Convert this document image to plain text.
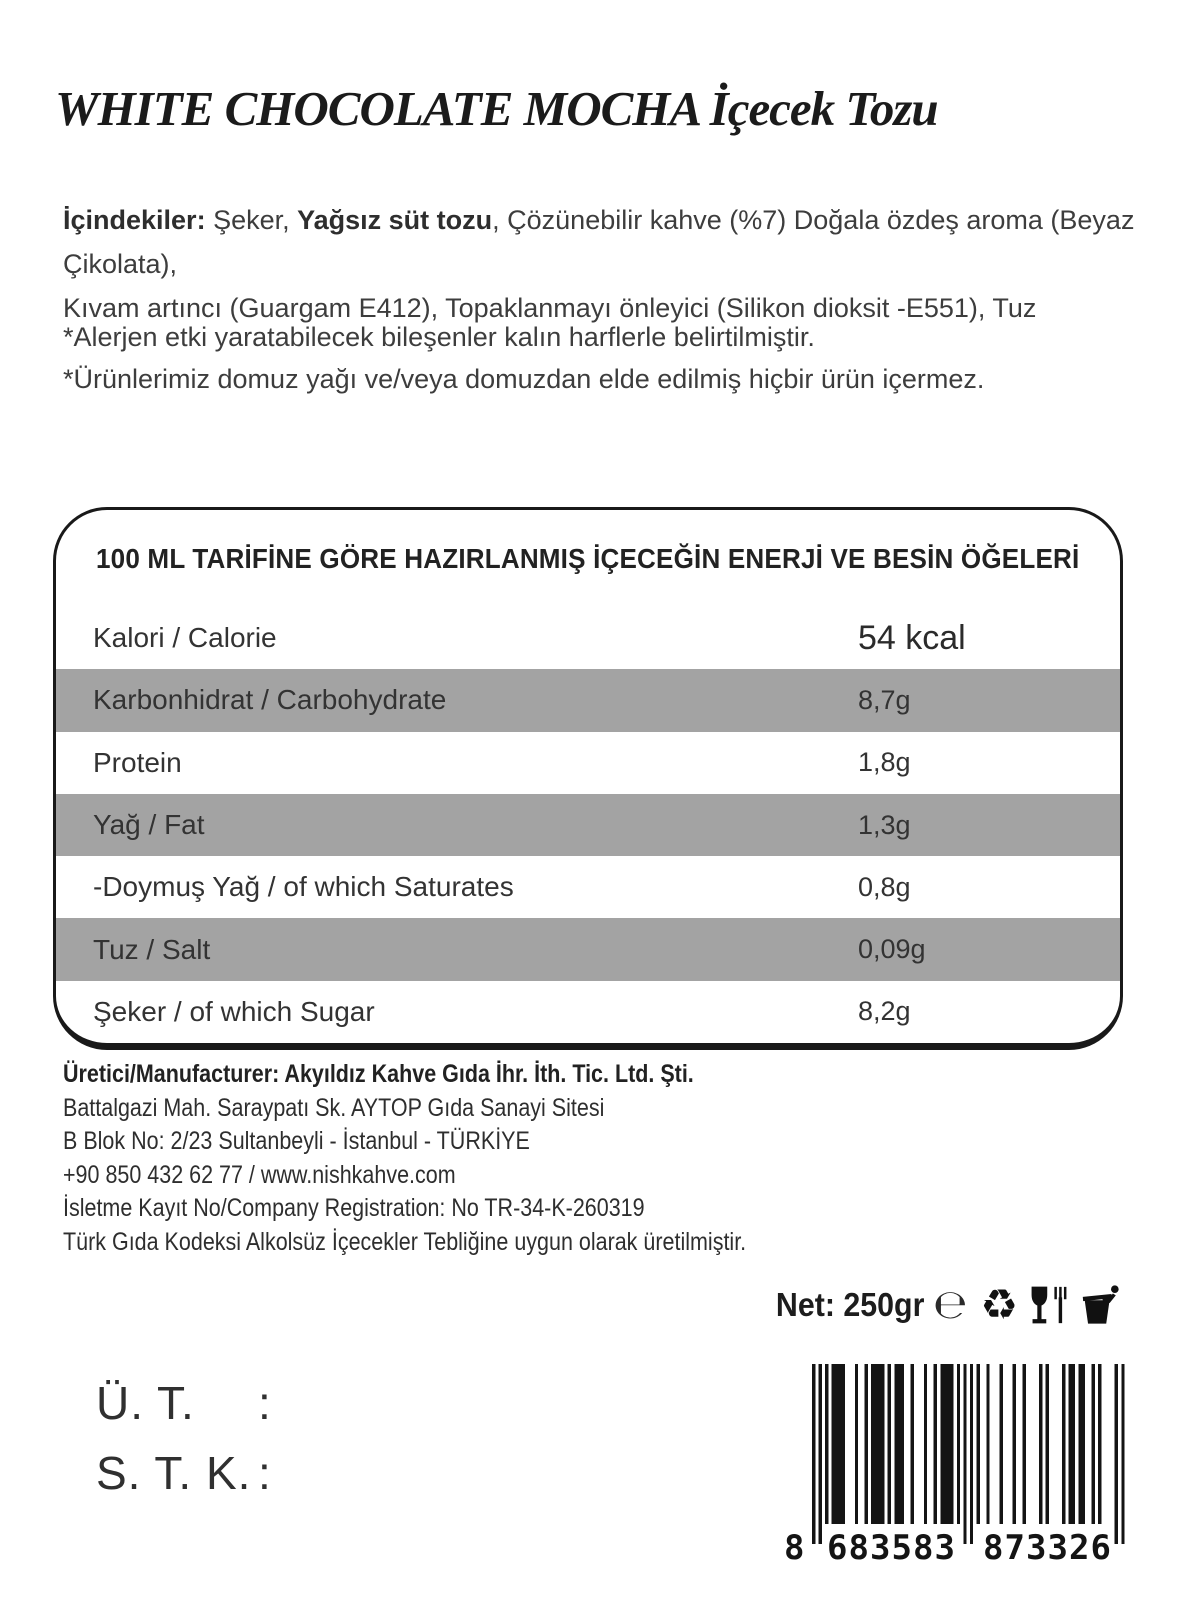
WHITE CHOCOLATE MOCHA İçecek Tozu
İçindekiler: Şeker, Yağsız süt tozu, Çözünebilir kahve (%7) Doğala özdeş aroma (Beyaz Çikolata),
Kıvam artıncı (Guargam E412), Topaklanmayı önleyici (Silikon dioksit -E551), Tuz
*Alerjen etki yaratabilecek bileşenler kalın harflerle belirtilmiştir.
*Ürünlerimiz domuz yağı ve/veya domuzdan elde edilmiş hiçbir ürün içermez.
100 ML TARİFİNE GÖRE HAZIRLANMIŞ İÇECEĞİN ENERJİ VE BESİN ÖĞELERİ
Kalori / Calorie	54 kcal
Karbonhidrat / Carbohydrate	8,7g
Protein	1,8g
Yağ / Fat	1,3g
-Doymuş Yağ / of which Saturates	0,8g
Tuz / Salt	0,09g
Şeker / of which Sugar	8,2g
Üretici/Manufacturer: Akyıldız Kahve Gıda İhr. İth. Tic. Ltd. Şti.
Battalgazi Mah. Saraypatı Sk. AYTOP Gıda Sanayi Sitesi
B Blok No: 2/23 Sultanbeyli - İstanbul - TÜRKİYE
+90 850 432 62 77 / www.nishkahve.com
İsletme Kayıt No/Company Registration: No TR-34-K-260319
Türk Gıda Kodeksi Alkolsüz İçecekler Tebliğine uygun olarak üretilmiştir.
Net: 250gr ℮ ♻
Ü. T.	:
S. T. K. :
8 683583 873326
